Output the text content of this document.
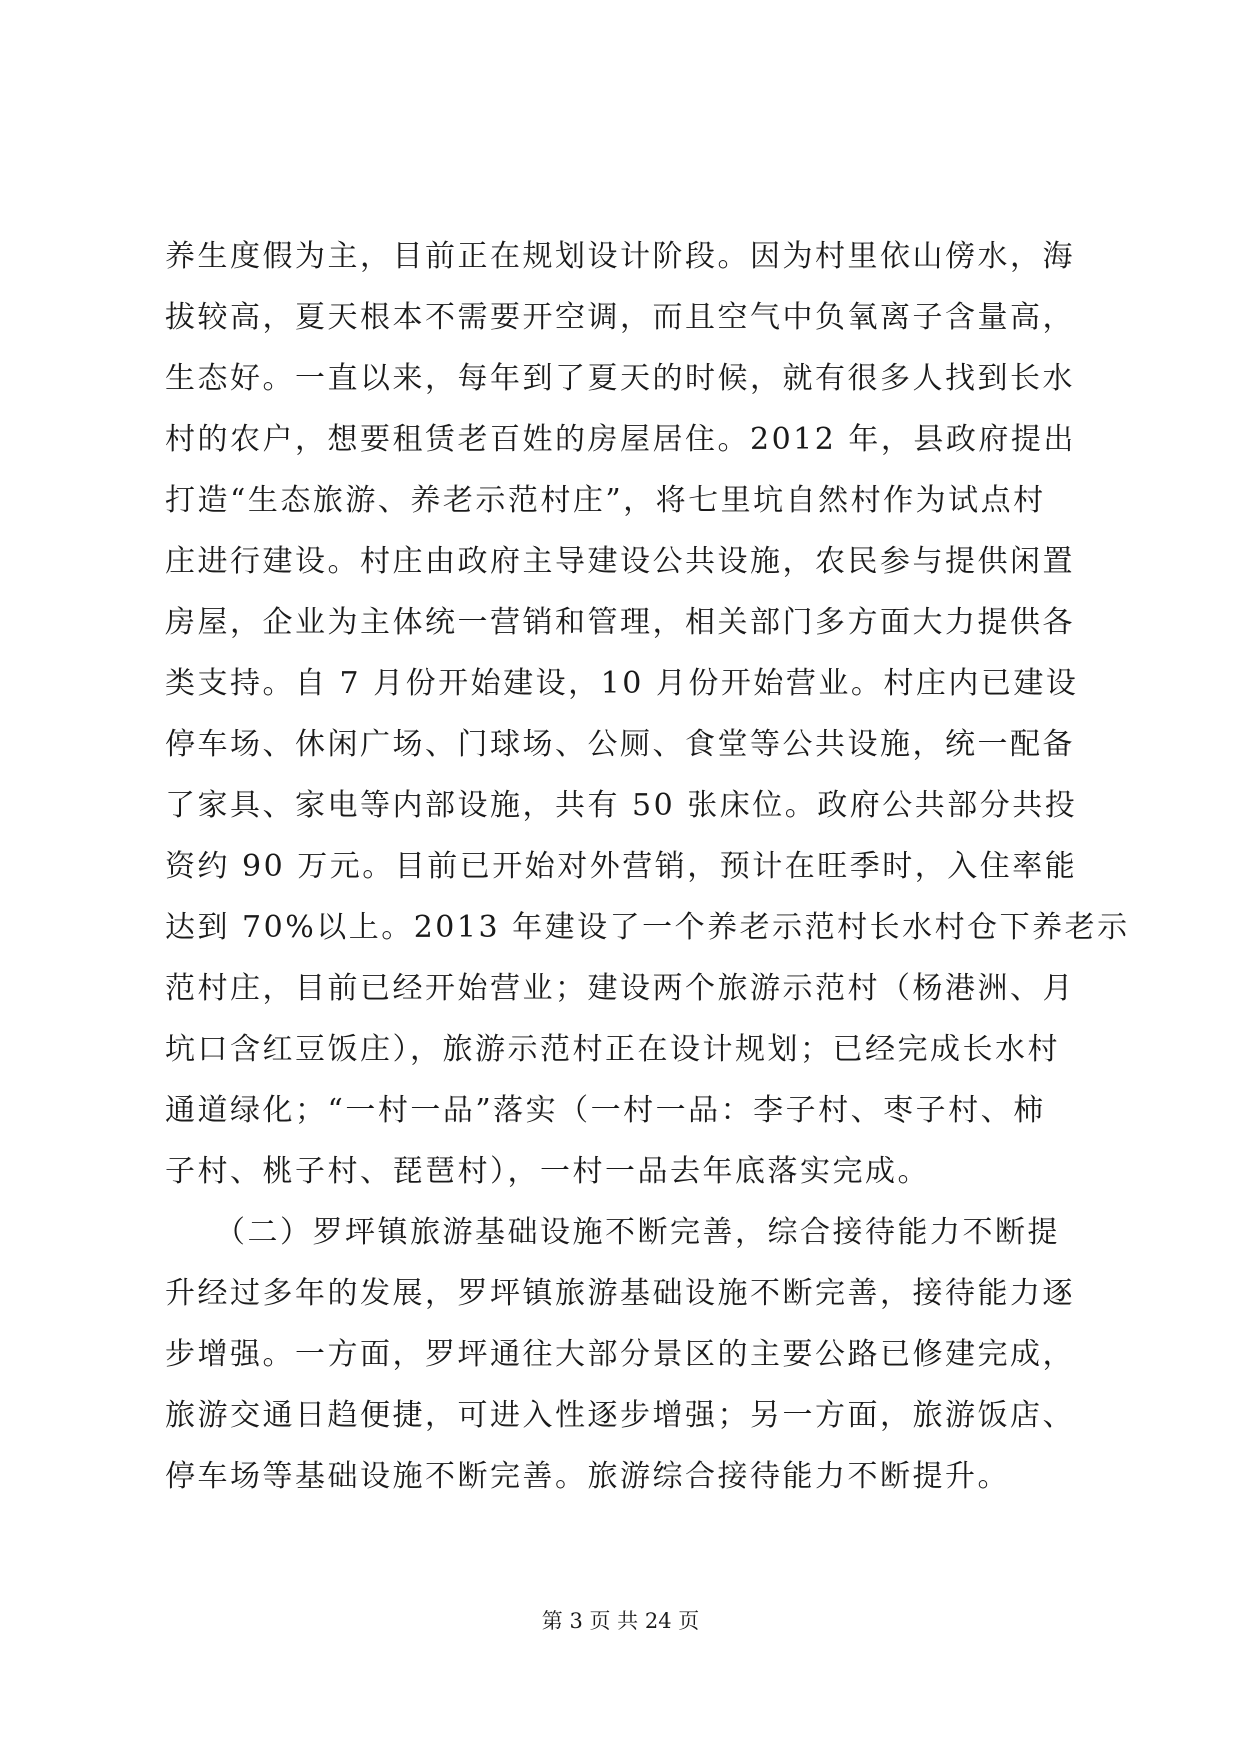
养生度假为主，目前正在规划设计阶段。因为村里依山傍水，海
拔较高，夏天根本不需要开空调，而且空气中负氧离子含量高，
生态好。一直以来，每年到了夏天的时候，就有很多人找到长水
村的农户，想要租赁老百姓的房屋居住。2012 年，县政府提出
打造“生态旅游、养老示范村庄”，将七里坑自然村作为试点村
庄进行建设。村庄由政府主导建设公共设施，农民参与提供闲置
房屋，企业为主体统一营销和管理，相关部门多方面大力提供各
类支持。自 7 月份开始建设，10 月份开始营业。村庄内已建设
停车场、休闲广场、门球场、公厕、食堂等公共设施，统一配备
了家具、家电等内部设施，共有 50 张床位。政府公共部分共投
资约 90 万元。目前已开始对外营销，预计在旺季时，入住率能
达到 70%以上。2013 年建设了一个养老示范村长水村仓下养老示
范村庄，目前已经开始营业；建设两个旅游示范村（杨港洲、月
坑口含红豆饭庄），旅游示范村正在设计规划；已经完成长水村
通道绿化；“一村一品”落实（一村一品：李子村、枣子村、柿
子村、桃子村、琵琶村），一村一品去年底落实完成。
　　（二）罗坪镇旅游基础设施不断完善，综合接待能力不断提
升经过多年的发展，罗坪镇旅游基础设施不断完善，接待能力逐
步增强。一方面，罗坪通往大部分景区的主要公路已修建完成，
旅游交通日趋便捷，可进入性逐步增强；另一方面，旅游饭店、
停车场等基础设施不断完善。旅游综合接待能力不断提升。
第 3 页 共 24 页
